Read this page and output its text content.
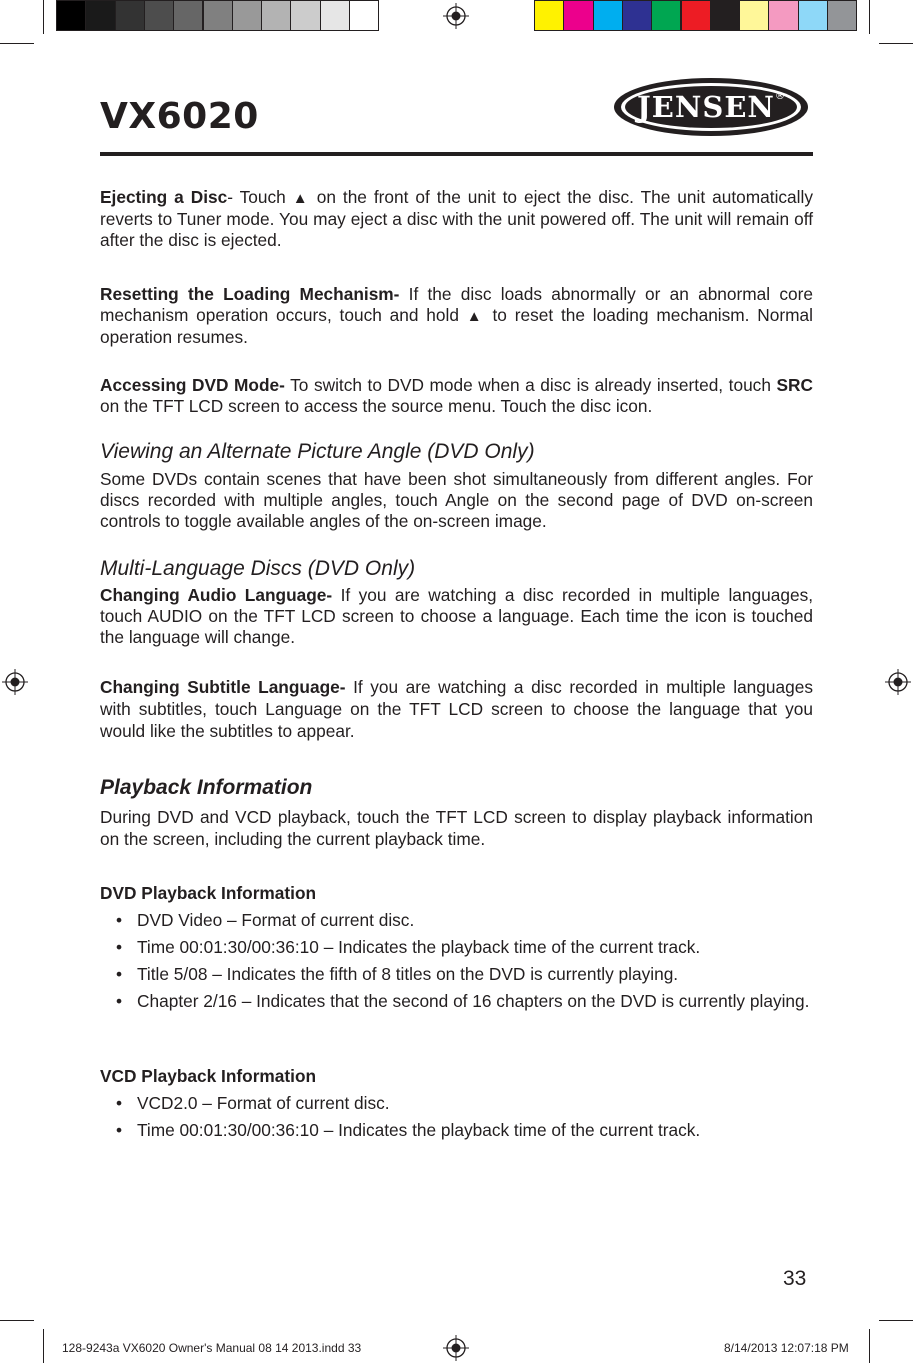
VX6020	JENSEN ®
Ejecting a Disc- Touch ▲ on the front of the unit to eject the disc. The unit automatically reverts to Tuner mode. You may eject a disc with the unit powered off. The unit will remain off after the disc is ejected.
Resetting the Loading Mechanism- If the disc loads abnormally or an abnormal core mechanism operation occurs, touch and hold ▲ to reset the loading mechanism. Normal operation resumes.
Accessing DVD Mode- To switch to DVD mode when a disc is already inserted, touch SRC on the TFT LCD screen to access the source menu. Touch the disc icon.
Viewing an Alternate Picture Angle (DVD Only)
Some DVDs contain scenes that have been shot simultaneously from different angles. For discs recorded with multiple angles, touch Angle on the second page of DVD on-screen controls to toggle available angles of the on-screen image.
Multi-Language Discs (DVD Only)
Changing Audio Language- If you are watching a disc recorded in multiple languages, touch AUDIO on the TFT LCD screen to choose a language. Each time the icon is touched the language will change.
Changing Subtitle Language- If you are watching a disc recorded in multiple languages with subtitles, touch Language on the TFT LCD screen to choose the language that you would like the subtitles to appear.
Playback Information
During DVD and VCD playback, touch the TFT LCD screen to display playback information on the screen, including the current playback time.
DVD Playback Information
• DVD Video – Format of current disc.
• Time 00:01:30/00:36:10 – Indicates the playback time of the current track.
• Title 5/08 – Indicates the fifth of 8 titles on the DVD is currently playing.
• Chapter 2/16 – Indicates that the second of 16 chapters on the DVD is currently playing.
VCD Playback Information
• VCD2.0 – Format of current disc.
• Time 00:01:30/00:36:10 – Indicates the playback time of the current track.
33
128-9243a VX6020 Owner's Manual 08 14 2013.indd 33	8/14/2013 12:07:18 PM
